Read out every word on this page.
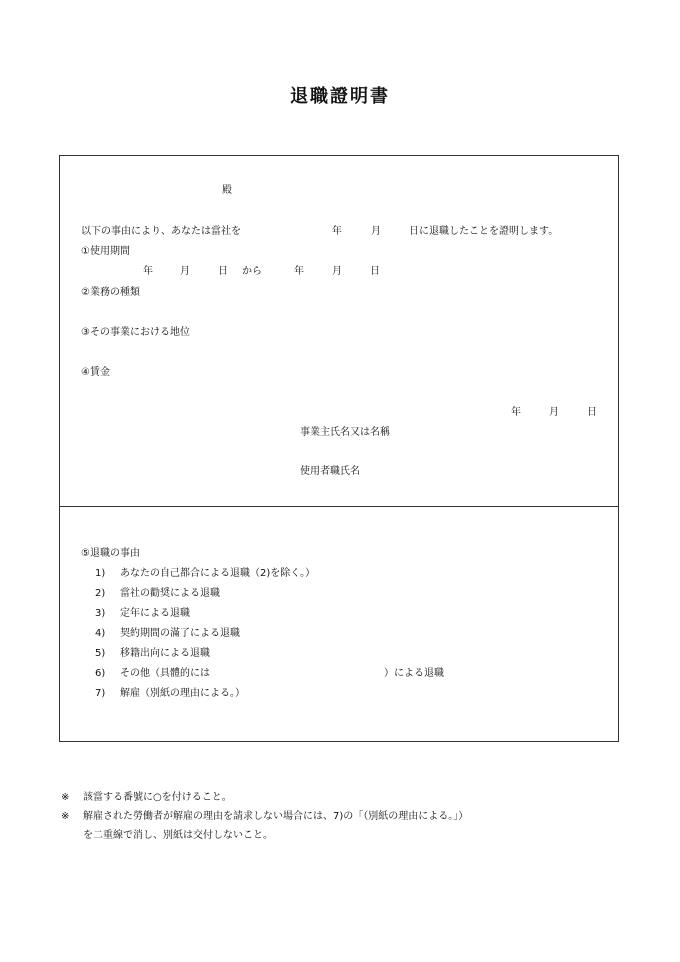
退職證明書
殿
以下の事由により、あなたは當社を	年	月	日に退職したことを證明します。
①使用期間
年	月	日 から	年	月	日
②業務の種類
③その事業における地位
④賃金
年	月	日
事業主氏名又は名稱
使用者職氏名
⑤退職の事由
1) あなたの自己都合による退職（2)を除く。）
2) 當社の勸奨による退職
3) 定年による退職
4) 契約期間の滿了による退職
5) 移籍出向による退職
6) その他（具體的には	）による退職
7) 解雇（別紙の理由による。）
※ 該當する番號に○を付けること。
※ 解雇された勞働者が解雇の理由を請求しない場合には、7)の「（別紙の理由による。」）
を二重線で消し、別紙は交付しないこと。
